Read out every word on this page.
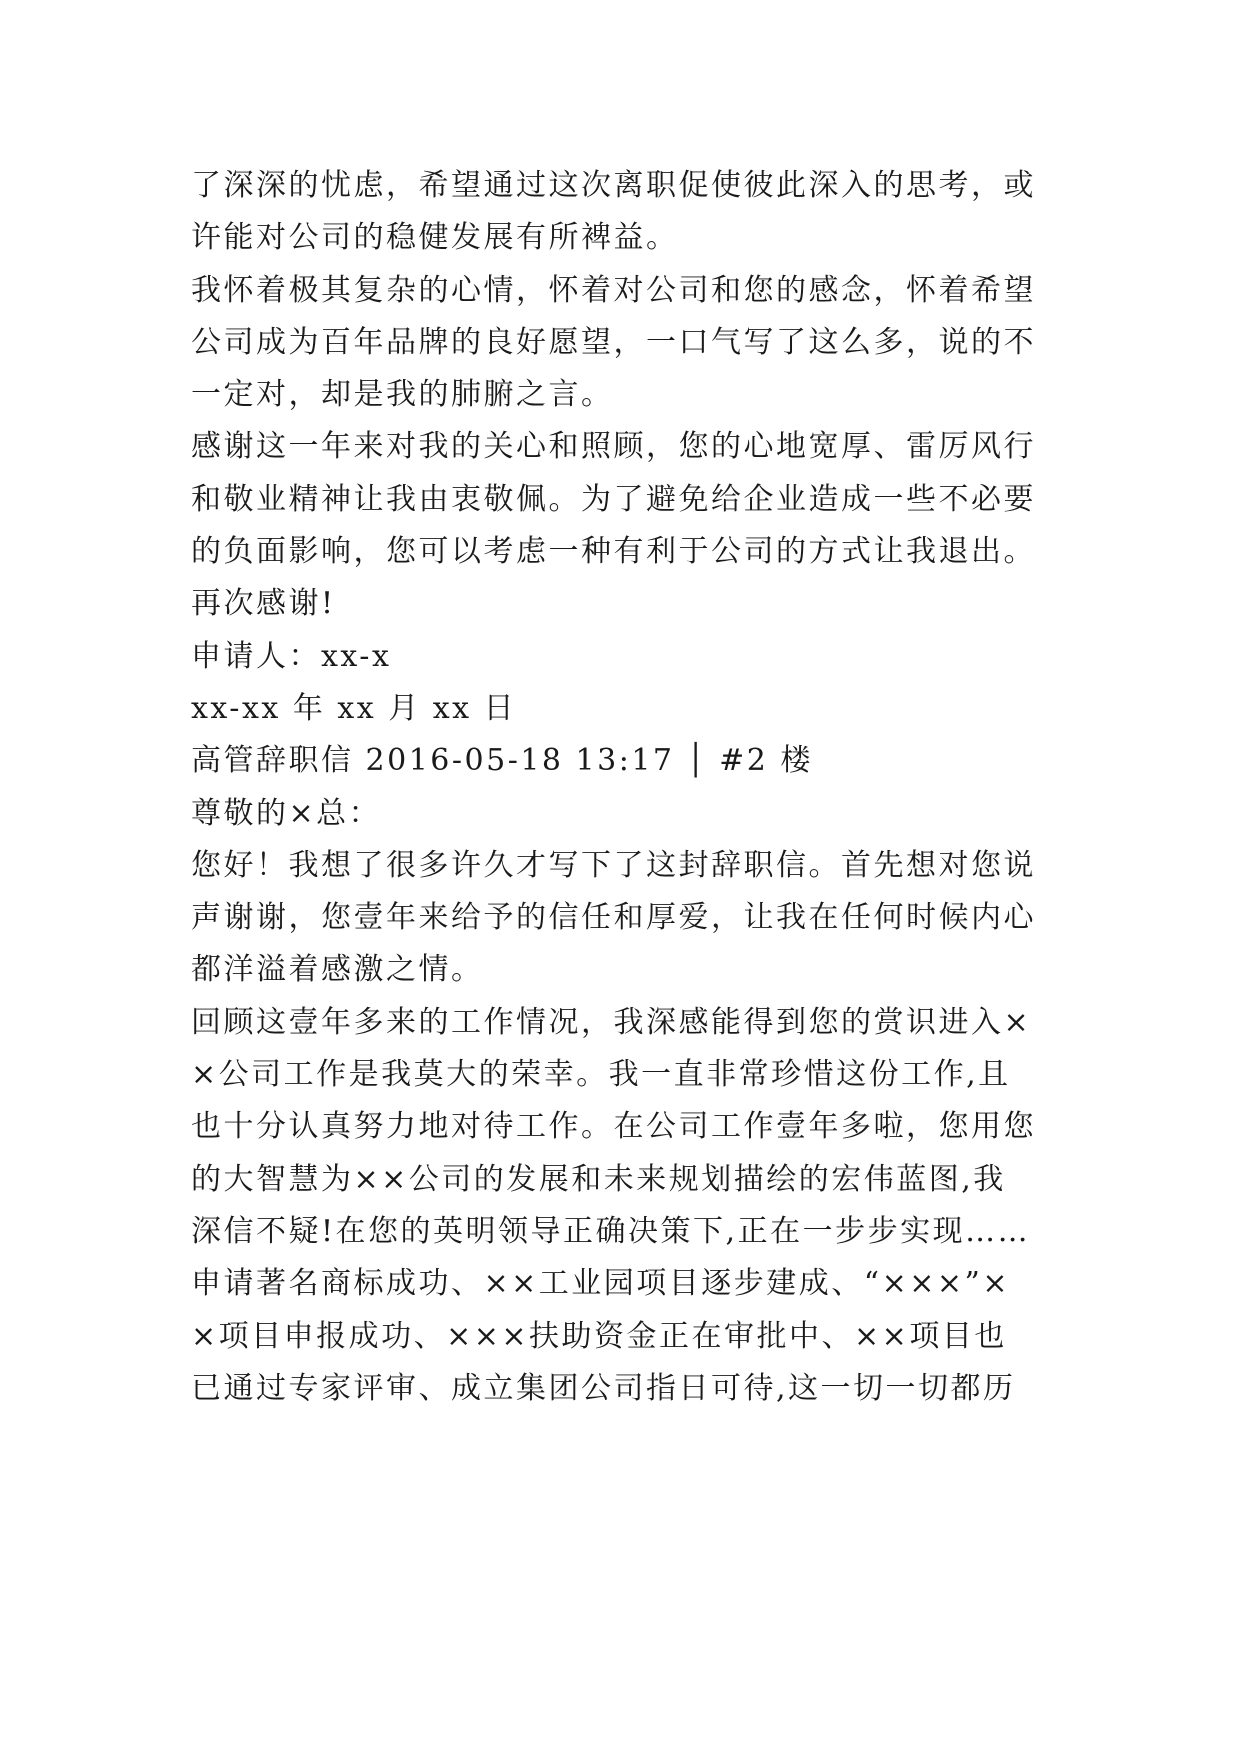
了深深的忧虑，希望通过这次离职促使彼此深入的思考，或
许能对公司的稳健发展有所裨益。
我怀着极其复杂的心情，怀着对公司和您的感念，怀着希望
公司成为百年品牌的良好愿望，一口气写了这么多，说的不
一定对，却是我的肺腑之言。
感谢这一年来对我的关心和照顾，您的心地宽厚、雷厉风行
和敬业精神让我由衷敬佩。为了避免给企业造成一些不必要
的负面影响，您可以考虑一种有利于公司的方式让我退出。
再次感谢!
申请人：xx-x
xx-xx 年 xx 月 xx 日
高管辞职信 2016-05-18 13:17 │ #2 楼
尊敬的×总：
您好！我想了很多许久才写下了这封辞职信。首先想对您说
声谢谢，您壹年来给予的信任和厚爱，让我在任何时候内心
都洋溢着感激之情。
回顾这壹年多来的工作情况，我深感能得到您的赏识进入×
×公司工作是我莫大的荣幸。我一直非常珍惜这份工作,且
也十分认真努力地对待工作。在公司工作壹年多啦，您用您
的大智慧为××公司的发展和未来规划描绘的宏伟蓝图,我
深信不疑!在您的英明领导正确决策下,正在一步步实现……
申请著名商标成功、××工业园项目逐步建成、“×××”×
×项目申报成功、×××扶助资金正在审批中、××项目也
已通过专家评审、成立集团公司指日可待,这一切一切都历
